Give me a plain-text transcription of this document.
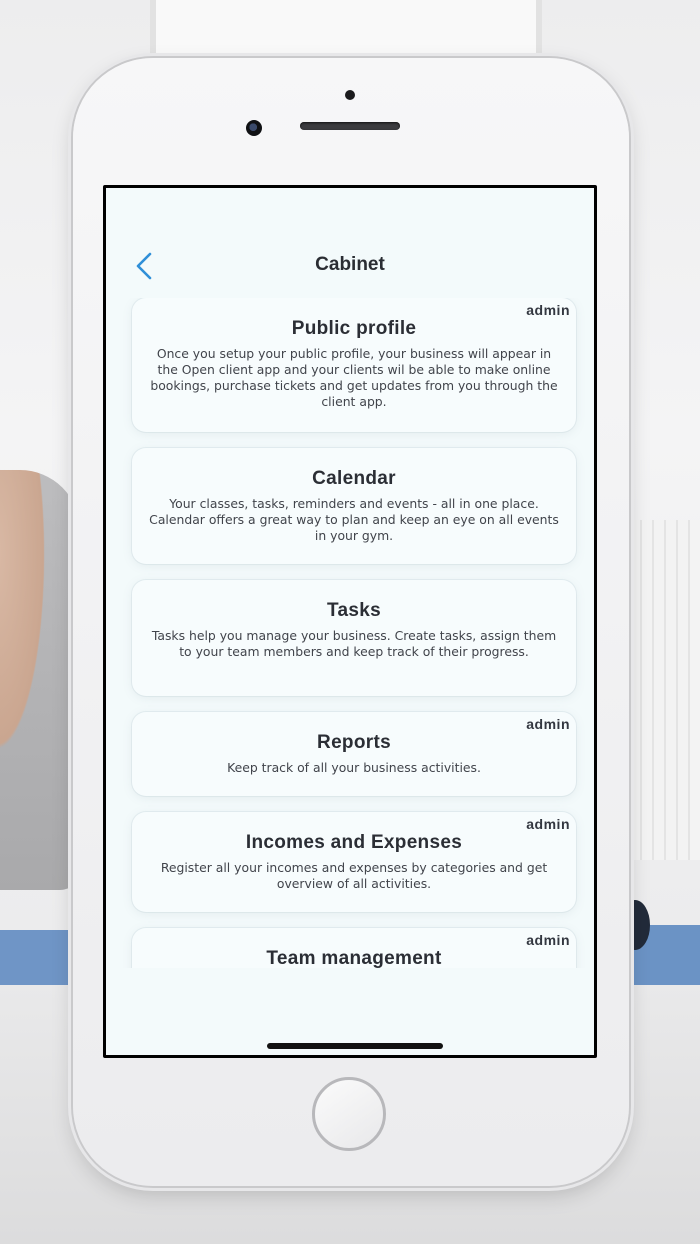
Cabinet
admin
Public profile
Once you setup your public profile, your business will appear in the Open client app and your clients wil be able to make online bookings, purchase tickets and get updates from you through the client app.
Calendar
Your classes, tasks, reminders and events - all in one place. Calendar offers a great way to plan and keep an eye on all events in your gym.
Tasks
Tasks help you manage your business. Create tasks, assign them to your team members and keep track of their progress.
admin
Reports
Keep track of all your business activities.
admin
Incomes and Expenses
Register all your incomes and expenses by categories and get overview of all activities.
admin
Team management
